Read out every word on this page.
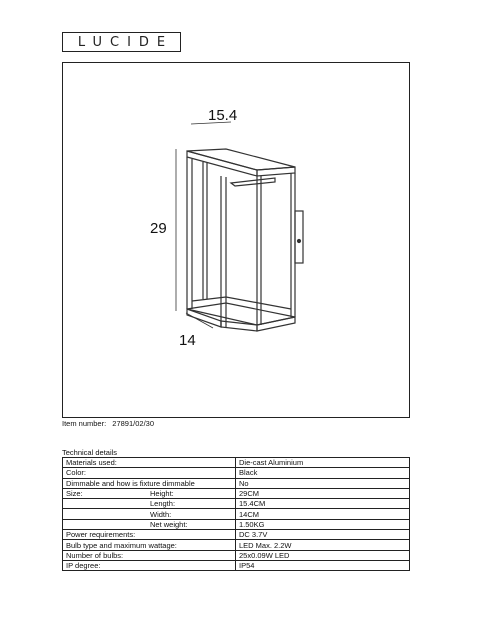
LUCIDE
15.4
29
14
Item number: 27891/02/30
Technical details
Materials used:	Die-cast Aluminium
Color:	Black
Dimmable and how is fixture dimmable	No
Size: Height:	29CM
Length:	15.4CM
Width:	14CM
Net weight:	1.50KG
Power requirements:	DC 3.7V
Bulb type and maximum wattage:	LED Max. 2.2W
Number of bulbs:	25x0.09W LED
IP degree:	IP54
